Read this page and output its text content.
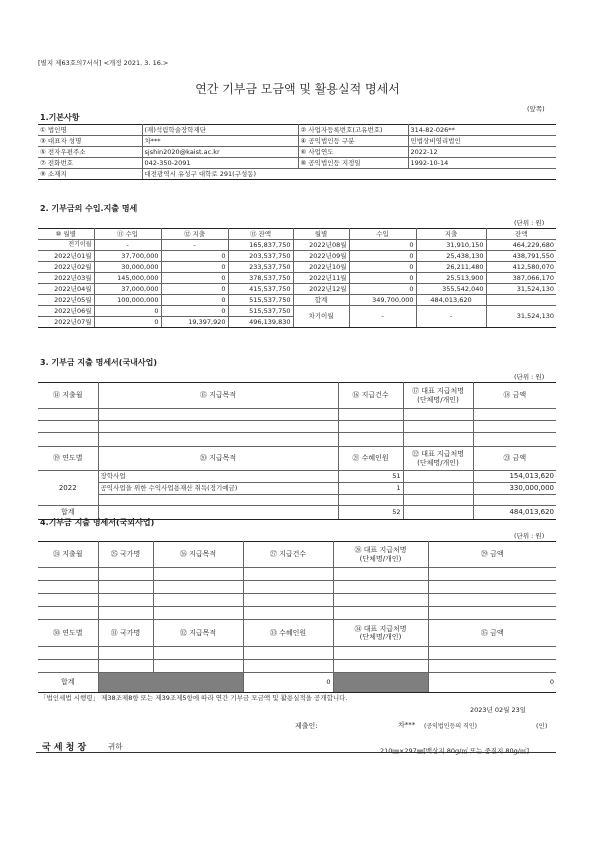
[별지 제63호의7서식] <개정 2021. 3. 16.>
연간 기부금 모금액 및 활용실적 명세서
(앞쪽)
1.기본사항
① 법인명	(재)석림학술장학재단	② 사업자등록번호(고유번호)	314-82-026**
③ 대표자 성명	차***	④ 공익법인등 구분	민법상비영리법인
⑤ 전자우편주소	sjshin2020@kaist.ac.kr	⑥ 사업연도	2022-12
⑦ 전화번호	042-350-2091	⑧ 공익법인등 지정일	1992-10-14
⑨ 소재지	대전광역시 유성구 대학로 291(구성동)		
2. 기부금의 수입.지출 명세
(단위 : 원)
⑩ 월별	⑪ 수입	⑫ 지출	⑬ 잔액	월별	수입	지출	잔액
전기이월	-	-	165,837,750	2022년08월	0	31,910,150	464,229,680
2022년01월	37,700,000	0	203,537,750	2022년09월	0	25,438,130	438,791,550
2022년02월	30,000,000	0	233,537,750	2022년10월	0	26,211,480	412,580,070
2022년03월	145,000,000	0	378,537,750	2022년11월	0	25,513,900	387,066,170
2022년04월	37,000,000	0	415,537,750	2022년12월	0	355,542,040	31,524,130
2022년05월	100,000,000	0	515,537,750	합계	349,700,000	484,013,620	
2022년06월	0	0	515,537,750	차기이월	-	-	31,524,130
2022년07월	0	19,397,920	496,139,830				
3. 기부금 지출 명세서(국내사업)
(단위 : 원)
⑭ 지출월	⑮ 지급목적	⑯ 지급건수	⑰ 대표 지급처명
(단체명/개인)	⑱ 금액

⑲ 연도별	⑳ 지급목적	㉑ 수혜인원	㉒ 대표 지급처명
(단체명/개인)	㉓ 금액
2022	장학사업	51		154,013,620
	공익사업을 위한 수익사업용재산 취득(정기예금)	1		330,000,000

합계		52		484,013,620
4.기부금 지출 명세서(국외사업)
(단위 : 원)
㉔ 지출월	㉕ 국가명	㉖ 지급목적	㉗ 지급건수	㉘ 대표 지급처명
(단체명/개인)	㉙ 금액

㉚ 연도별	㉛ 국가명	㉜ 지급목적	㉝ 수혜인원	㉞ 대표 지급처명
(단체명/개인)	㉟ 금액

합계			0		0
「법인세법 시행령」 제38조제8항 또는 제39조제5항에 따라 연간 기부금 모금액 및 활용실적을 공개합니다.
2023년 02월 23일
제출인:	차*** (공익법인등의 직인)	(인)
국 세 청 장	귀하	210㎜×297㎜[백상지 80g/㎡ 또는 중질지 80g/㎡]
